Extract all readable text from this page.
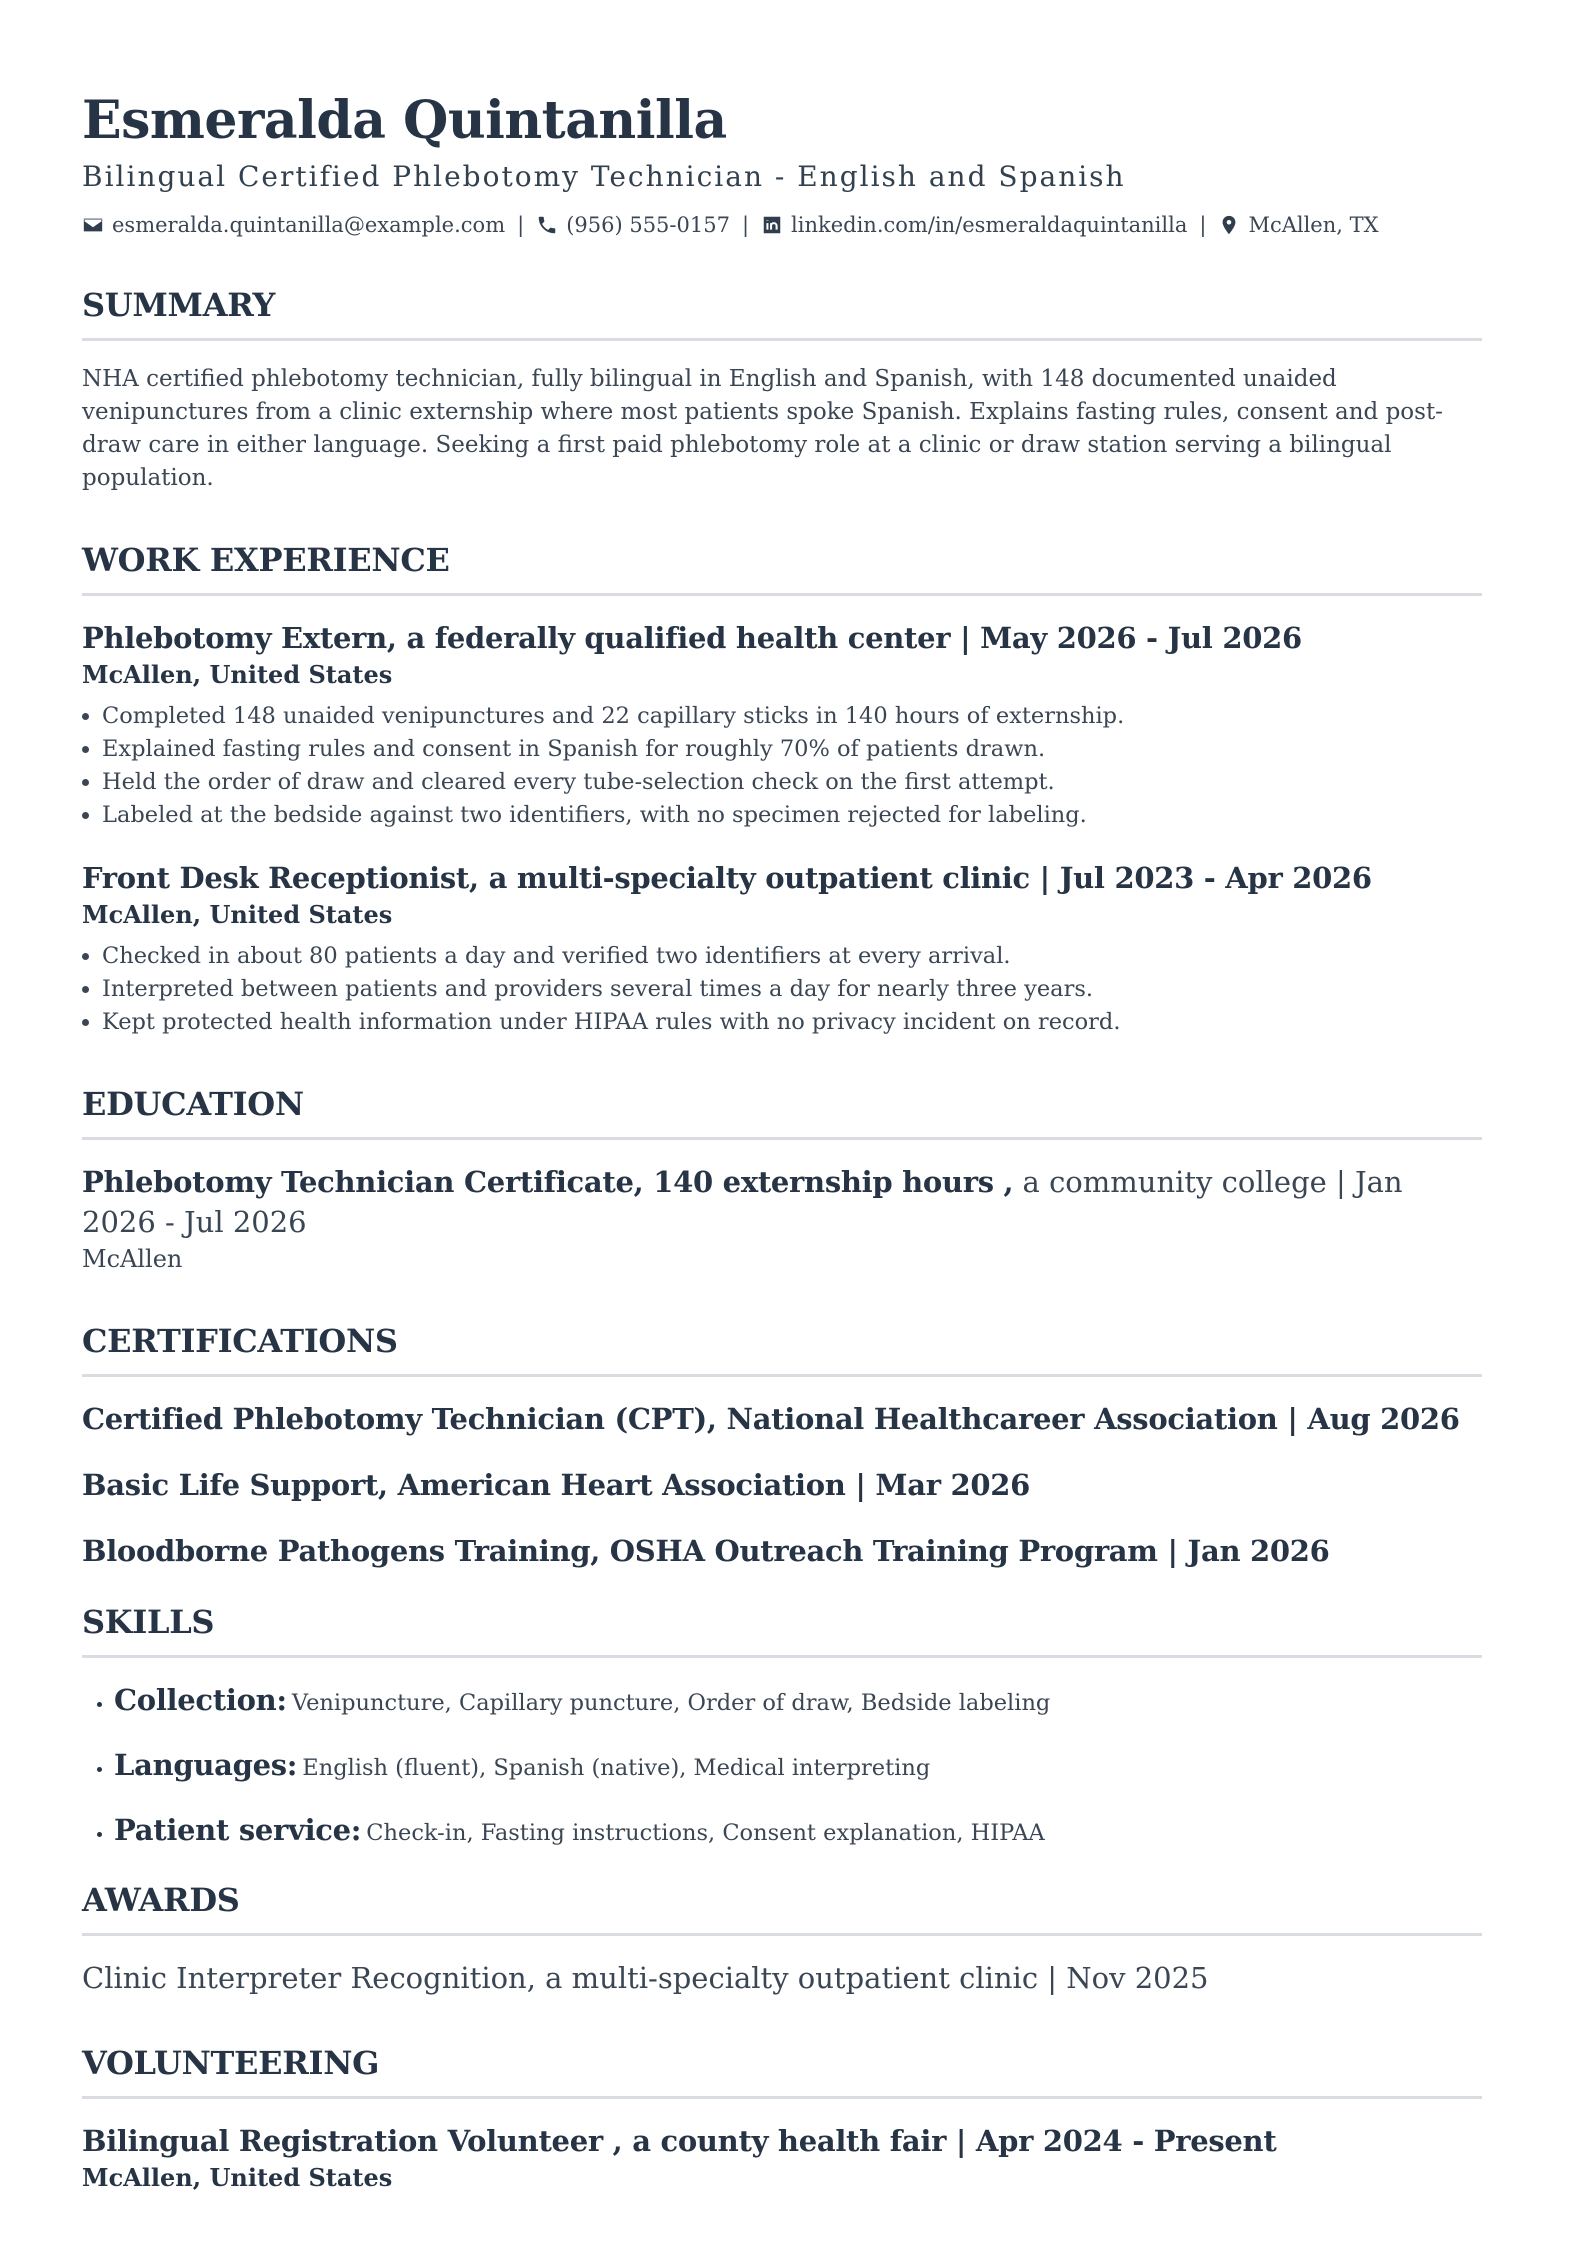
Esmeralda Quintanilla
Bilingual Certified Phlebotomy Technician - English and Spanish
esmeralda.quintanilla@example.com | (956) 555-0157 | linkedin.com/in/esmeraldaquintanilla | McAllen, TX
SUMMARY
NHA certified phlebotomy technician, fully bilingual in English and Spanish, with 148 documented unaided venipunctures from a clinic externship where most patients spoke Spanish. Explains fasting rules, consent and post-draw care in either language. Seeking a first paid phlebotomy role at a clinic or draw station serving a bilingual population.
WORK EXPERIENCE
Phlebotomy Extern, a federally qualified health center | May 2026 - Jul 2026
McAllen, United States
• Completed 148 unaided venipunctures and 22 capillary sticks in 140 hours of externship.
• Explained fasting rules and consent in Spanish for roughly 70% of patients drawn.
• Held the order of draw and cleared every tube-selection check on the first attempt.
• Labeled at the bedside against two identifiers, with no specimen rejected for labeling.
Front Desk Receptionist, a multi-specialty outpatient clinic | Jul 2023 - Apr 2026
McAllen, United States
• Checked in about 80 patients a day and verified two identifiers at every arrival.
• Interpreted between patients and providers several times a day for nearly three years.
• Kept protected health information under HIPAA rules with no privacy incident on record.
EDUCATION
Phlebotomy Technician Certificate, 140 externship hours , a community college | Jan 2026 - Jul 2026
McAllen
CERTIFICATIONS
Certified Phlebotomy Technician (CPT), National Healthcareer Association | Aug 2026
Basic Life Support, American Heart Association | Mar 2026
Bloodborne Pathogens Training, OSHA Outreach Training Program | Jan 2026
SKILLS
• Collection: Venipuncture, Capillary puncture, Order of draw, Bedside labeling
• Languages: English (fluent), Spanish (native), Medical interpreting
• Patient service: Check-in, Fasting instructions, Consent explanation, HIPAA
AWARDS
Clinic Interpreter Recognition, a multi-specialty outpatient clinic | Nov 2025
VOLUNTEERING
Bilingual Registration Volunteer , a county health fair | Apr 2024 - Present
McAllen, United States
